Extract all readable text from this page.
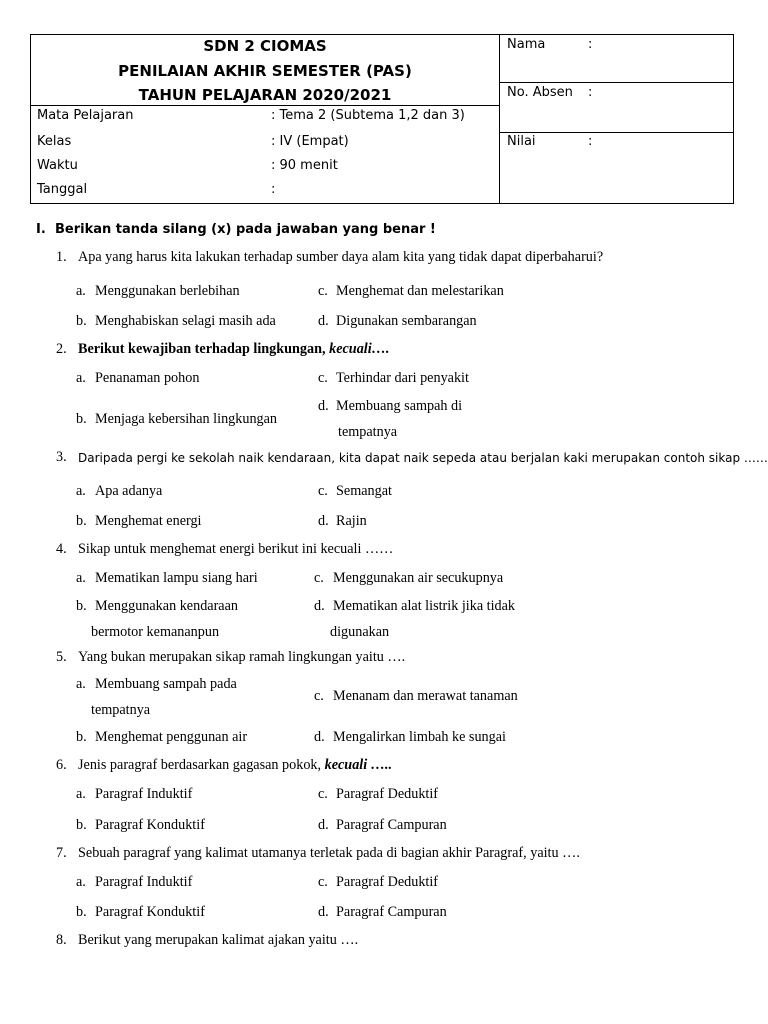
SDN 2 CIOMAS
PENILAIAN AKHIR SEMESTER (PAS)
TAHUN PELAJARAN 2020/2021
Mata Pelajaran	: Tema 2 (Subtema 1,2 dan 3)
Kelas	: IV (Empat)
Waktu	: 90 menit
Tanggal	:
Nama	:
No. Absen :
Nilai	:
I. Berikan tanda silang (x) pada jawaban yang benar !
1. Apa yang harus kita lakukan terhadap sumber daya alam kita yang tidak dapat diperbaharui?
a. Menggunakan berlebihan	c. Menghemat dan melestarikan
b. Menghabiskan selagi masih ada	d. Digunakan sembarangan
2. Berikut kewajiban terhadap lingkungan, kecuali….
a. Penanaman pohon	c. Terhindar dari penyakit
b. Menjaga kebersihan lingkungan
d. Membuang sampah di
tempatnya
3. Daripada pergi ke sekolah naik kendaraan, kita dapat naik sepeda atau berjalan kaki merupakan contoh sikap ……
a. Apa adanya	c. Semangat
b. Menghemat energi	d. Rajin
4. Sikap untuk menghemat energi berikut ini kecuali ……
a. Mematikan lampu siang hari	c. Menggunakan air secukupnya
b. Menggunakan kendaraan
bermotor kemananpun
d. Mematikan alat listrik jika tidak
digunakan
5. Yang bukan merupakan sikap ramah lingkungan yaitu ….
a. Membuang sampah pada
tempatnya
c. Menanam dan merawat tanaman
b. Menghemat penggunan air	d. Mengalirkan limbah ke sungai
6. Jenis paragraf berdasarkan gagasan pokok, kecuali …..
a. Paragraf Induktif	c. Paragraf Deduktif
b. Paragraf Konduktif	d. Paragraf Campuran
7. Sebuah paragraf yang kalimat utamanya terletak pada di bagian akhir Paragraf, yaitu ….
a. Paragraf Induktif	c. Paragraf Deduktif
b. Paragraf Konduktif	d. Paragraf Campuran
8. Berikut yang merupakan kalimat ajakan yaitu ….
